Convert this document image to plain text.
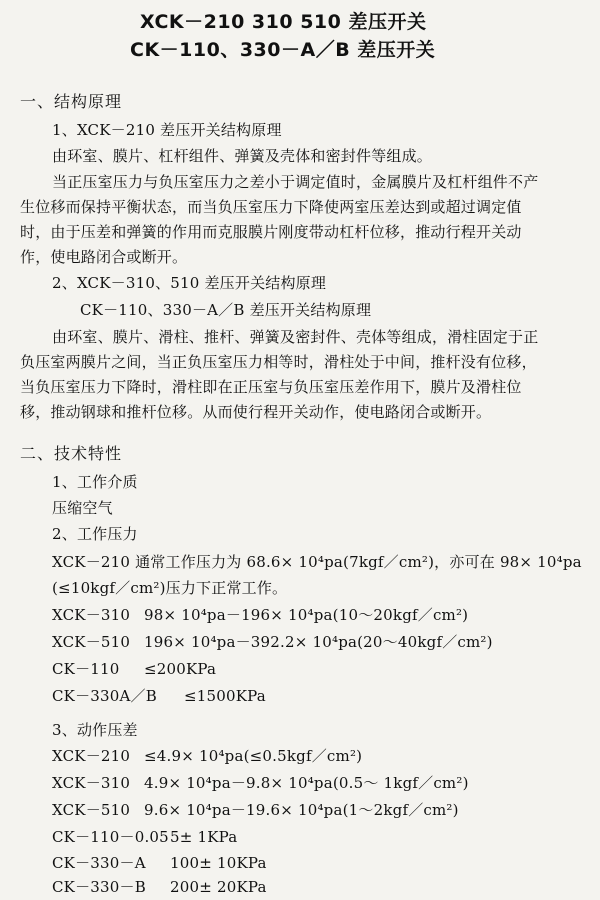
XCK－210 310 510 差压开关
CK－110、330－A／B 差压开关
一、结构原理
1、XCK－210 差压开关结构原理
由环室、膜片、杠杆组件、弹簧及壳体和密封件等组成。
当正压室压力与负压室压力之差小于调定值时，金属膜片及杠杆组件不产
生位移而保持平衡状态，而当负压室压力下降使两室压差达到或超过调定值
时，由于压差和弹簧的作用而克服膜片刚度带动杠杆位移，推动行程开关动
作，使电路闭合或断开。
2、XCK－310、510 差压开关结构原理
CK－110、330－A／B 差压开关结构原理
由环室、膜片、滑柱、推杆、弹簧及密封件、壳体等组成，滑柱固定于正
负压室两膜片之间，当正负压室压力相等时，滑柱处于中间，推杆没有位移，
当负压室压力下降时，滑柱即在正压室与负压室压差作用下，膜片及滑柱位
移，推动钢球和推杆位移。从而使行程开关动作，使电路闭合或断开。
二、技术特性
1、工作介质
压缩空气
2、工作压力
XCK－210 通常工作压力为 68.6× 10⁴pa(7kgf／cm²)，亦可在 98× 10⁴pa
(≤10kgf／cm²)压力下正常工作。
XCK－310 98× 10⁴pa－196× 10⁴pa(10～20kgf／cm²)
XCK－510 196× 10⁴pa－392.2× 10⁴pa(20～40kgf／cm²)
CK－110 ≤200KPa
CK－330A／B ≤1500KPa
3、动作压差
XCK－210 ≤4.9× 10⁴pa(≤0.5kgf／cm²)
XCK－310 4.9× 10⁴pa－9.8× 10⁴pa(0.5～ 1kgf／cm²)
XCK－510 9.6× 10⁴pa－19.6× 10⁴pa(1～2kgf／cm²)
CK－110－0.055± 1KPa
CK－330－A 100± 10KPa
CK－330－B 200± 20KPa
